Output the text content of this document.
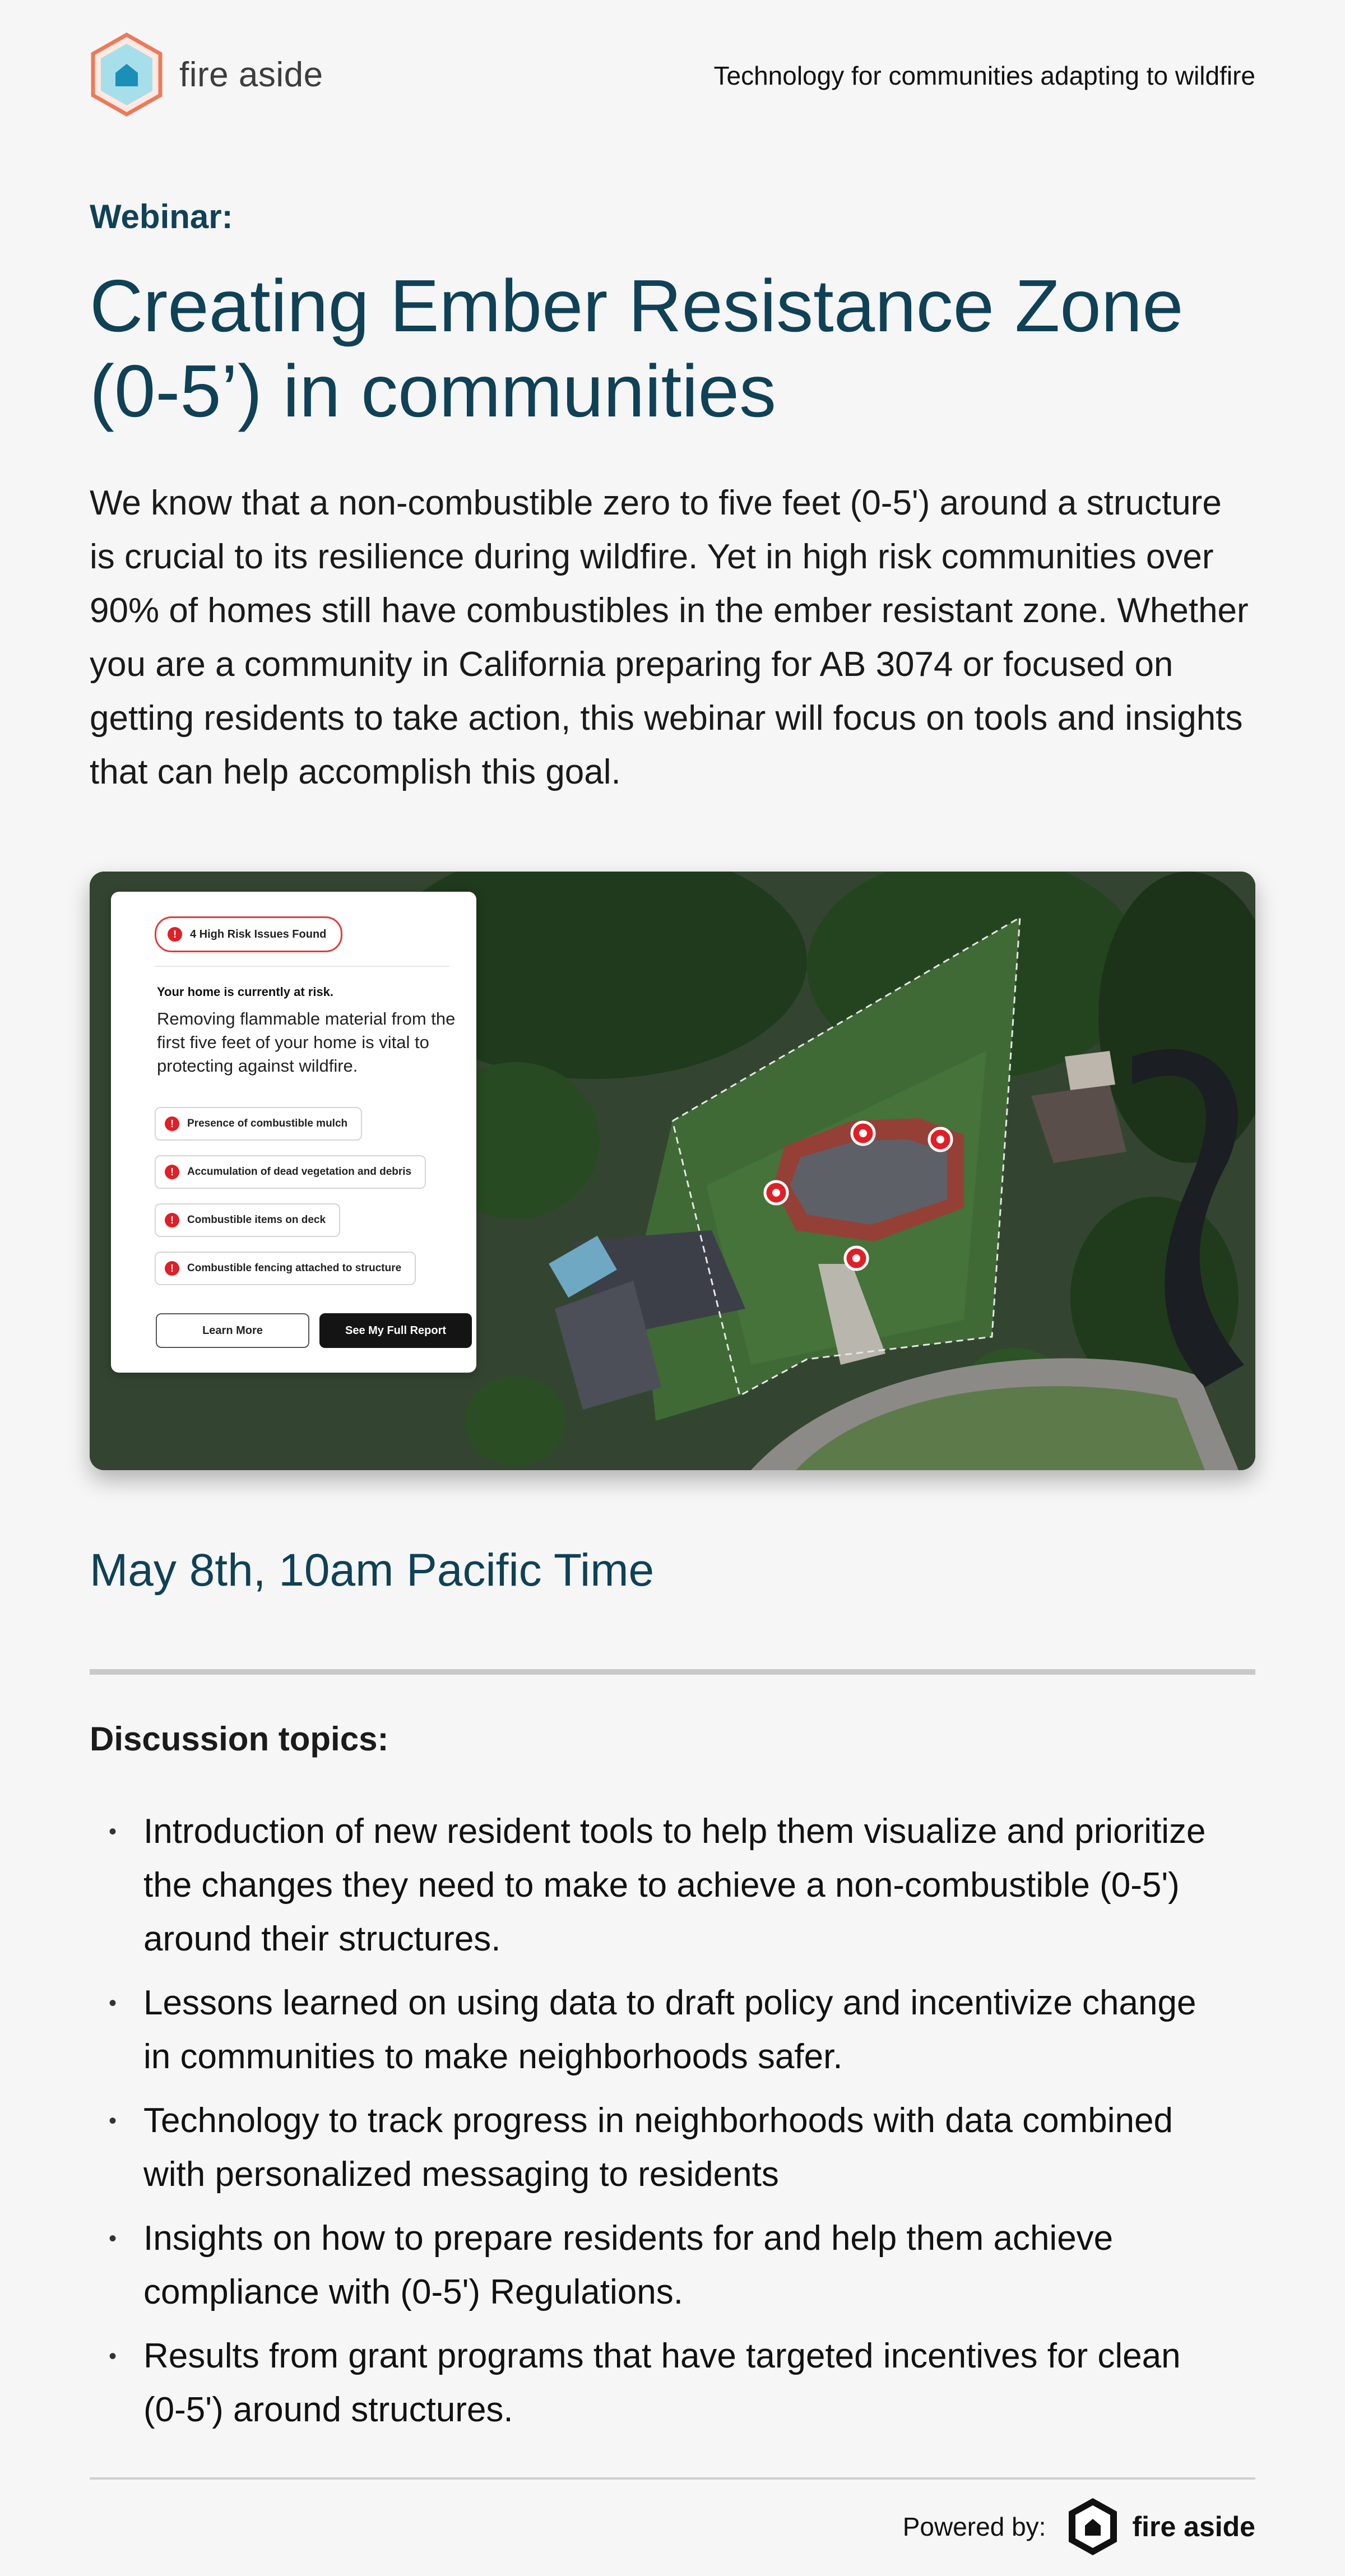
fire aside	Technology for communities adapting to wildfire
Webinar:
Creating Ember Resistance Zone (0-5’) in communities

We know that a non-combustible zero to five feet (0-5') around a structure is crucial to its resilience during wildfire. Yet in high risk communities over 90% of homes still have combustibles in the ember resistant zone. Whether you are a community in California preparing for AB 3074 or focused on getting residents to take action, this webinar will focus on tools and insights that can help accomplish this goal.

!	4 High Risk Issues Found
Your home is currently at risk.

Removing flammable material from the first five feet of your home is vital to protecting against wildfire.

!	Presence of combustible mulch
!	Accumulation of dead vegetation and debris
!	Combustible items on deck
!	Combustible fencing attached to structure
Learn More	See My Full Report
May 8th, 10am Pacific Time
Discussion topics:
• Introduction of new resident tools to help them visualize and prioritize the changes they need to make to achieve a non-combustible (0-5') around their structures.
• Lessons learned on using data to draft policy and incentivize change in communities to make neighborhoods safer.
• Technology to track progress in neighborhoods with data combined with personalized messaging to residents
• Insights on how to prepare residents for and help them achieve compliance with (0-5') Regulations.
• Results from grant programs that have targeted incentives for clean (0-5') around structures.
Powered by:	fire aside
